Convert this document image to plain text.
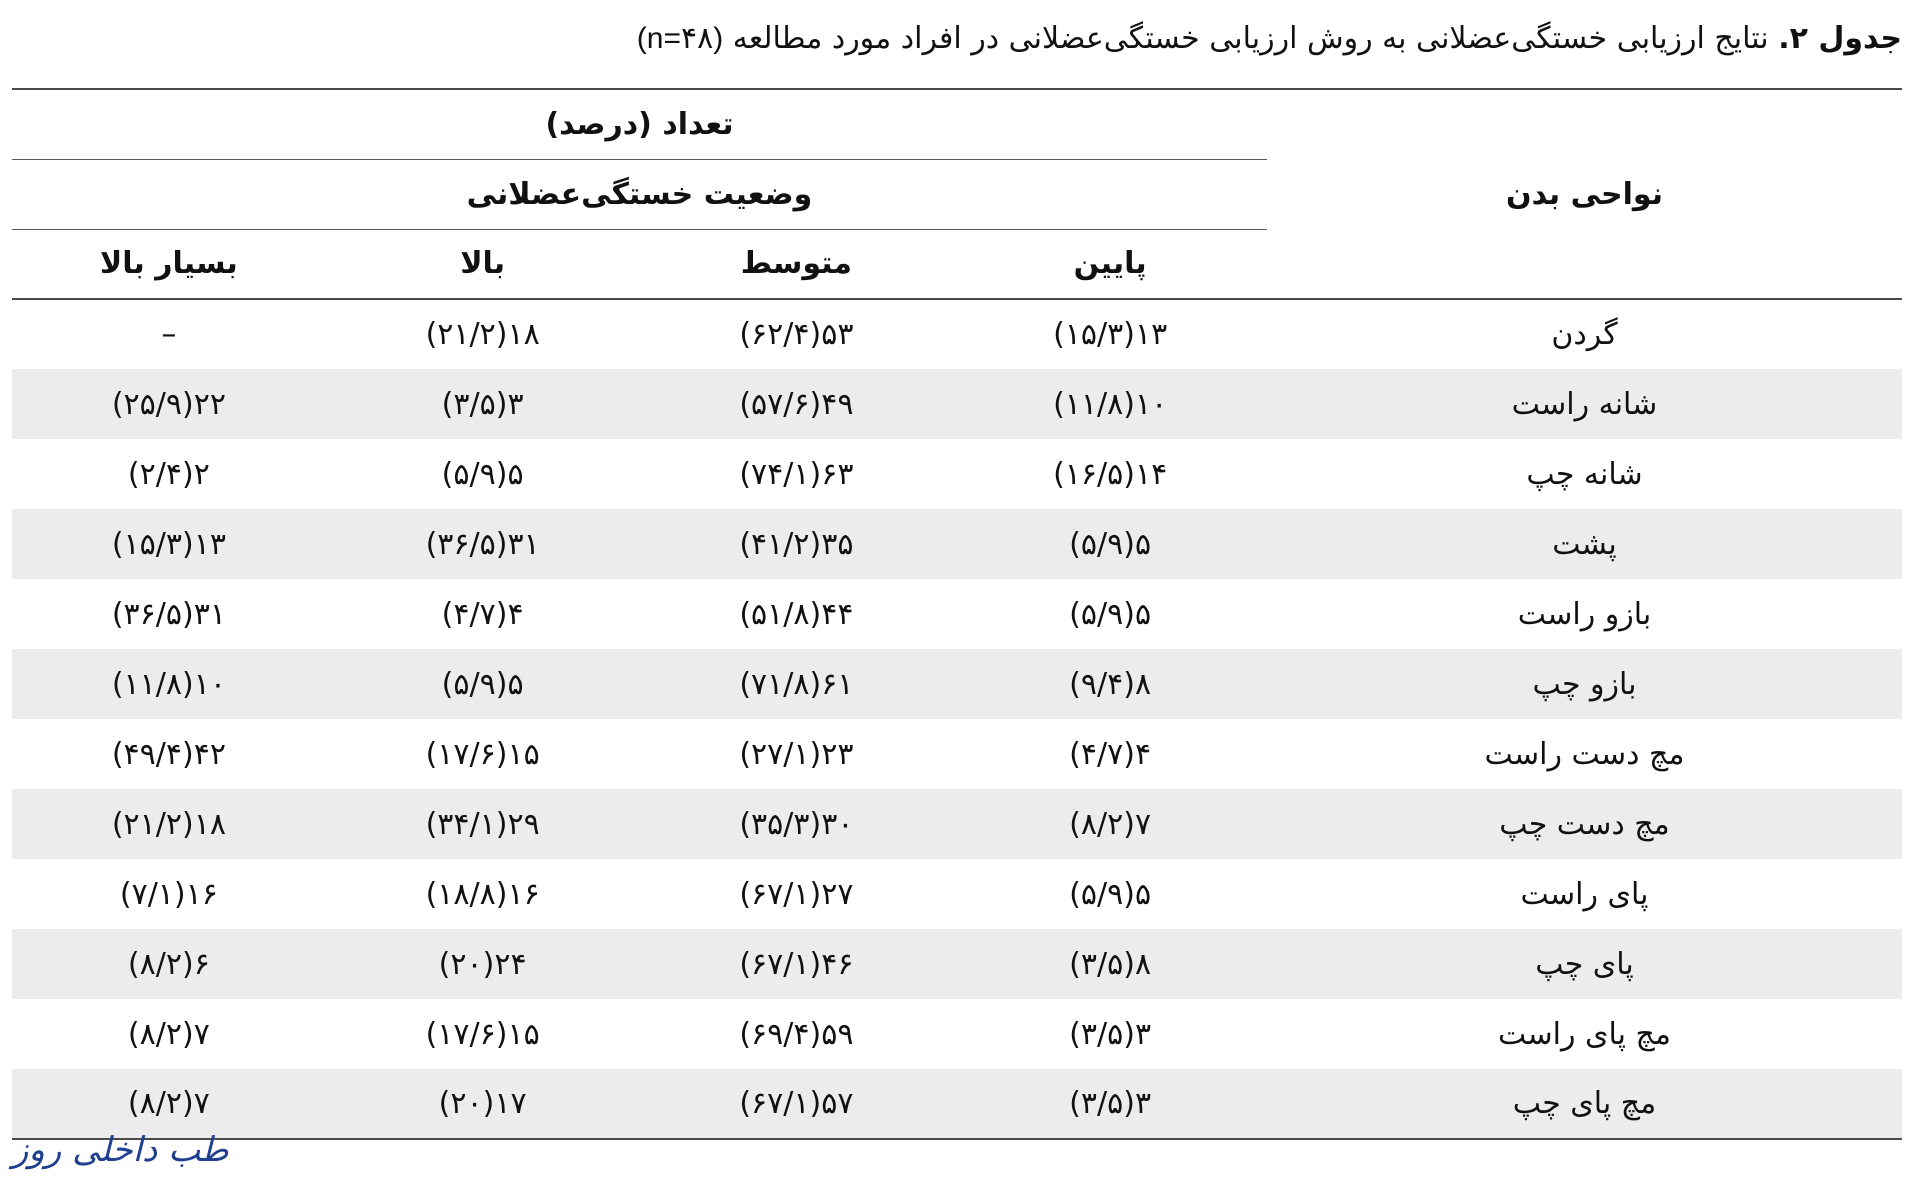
جدول ۲. نتایج ارزیابی خستگی‌عضلانی به روش ارزیابی خستگی‌عضلانی در افراد مورد مطالعه (n=۴۸)
نواحی بدن	تعداد (درصد)			
	وضعیت خستگی‌عضلانی			
	پایین	متوسط	بالا	بسیار بالا
گردن	۱۳(۱۵/۳)	۵۳(۶۲/۴)	۱۸(۲۱/۲)	–
شانه راست	۱۰(۱۱/۸)	۴۹(۵۷/۶)	۳(۳/۵)	۲۲(۲۵/۹)
شانه چپ	۱۴(۱۶/۵)	۶۳(۷۴/۱)	۵(۵/۹)	۲(۲/۴)
پشت	۵(۵/۹)	۳۵(۴۱/۲)	۳۱(۳۶/۵)	۱۳(۱۵/۳)
بازو راست	۵(۵/۹)	۴۴(۵۱/۸)	۴(۴/۷)	۳۱(۳۶/۵)
بازو چپ	۸(۹/۴)	۶۱(۷۱/۸)	۵(۵/۹)	۱۰(۱۱/۸)
مچ دست راست	۴(۴/۷)	۲۳(۲۷/۱)	۱۵(۱۷/۶)	۴۲(۴۹/۴)
مچ دست چپ	۷(۸/۲)	۳۰(۳۵/۳)	۲۹(۳۴/۱)	۱۸(۲۱/۲)
پای راست	۵(۵/۹)	۲۷(۶۷/۱)	۱۶(۱۸/۸)	۱۶(۷/۱)
پای چپ	۸(۳/۵)	۴۶(۶۷/۱)	۲۴(۲۰)	۶(۸/۲)
مچ پای راست	۳(۳/۵)	۵۹(۶۹/۴)	۱۵(۱۷/۶)	۷(۸/۲)
مچ پای چپ	۳(۳/۵)	۵۷(۶۷/۱)	۱۷(۲۰)	۷(۸/۲)
طب داخلی روز
